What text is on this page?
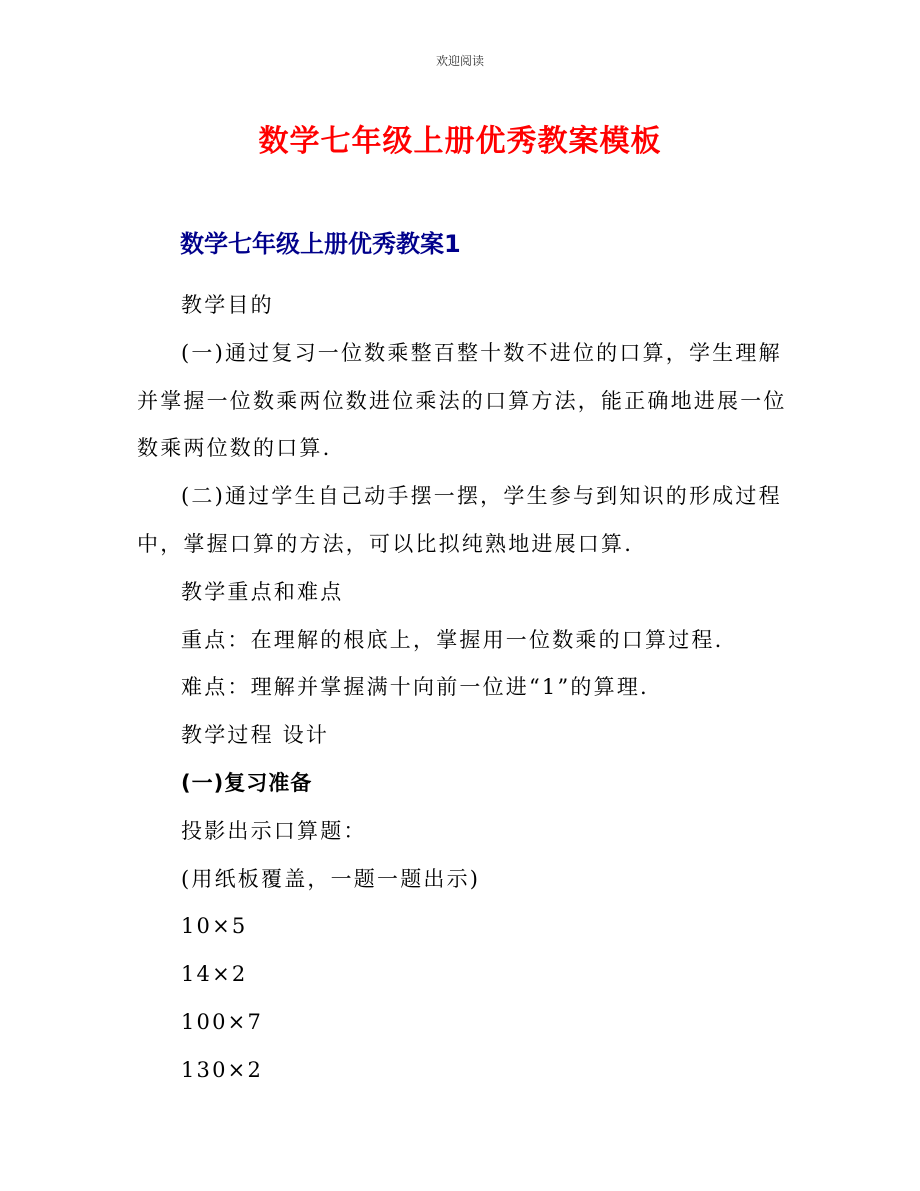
欢迎阅读
数学七年级上册优秀教案模板
数学七年级上册优秀教案1

教学目的

(一)通过复习一位数乘整百整十数不进位的口算，学生理解并掌握一位数乘两位数进位乘法的口算方法，能正确地进展一位数乘两位数的口算.

(二)通过学生自己动手摆一摆，学生参与到知识的形成过程中，掌握口算的方法，可以比拟纯熟地进展口算.

教学重点和难点

重点：在理解的根底上，掌握用一位数乘的口算过程.

难点：理解并掌握满十向前一位进“1”的算理.

教学过程 设计

(一)复习准备

投影出示口算题：

(用纸板覆盖，一题一题出示)

10×5

14×2

100×7

130×2
